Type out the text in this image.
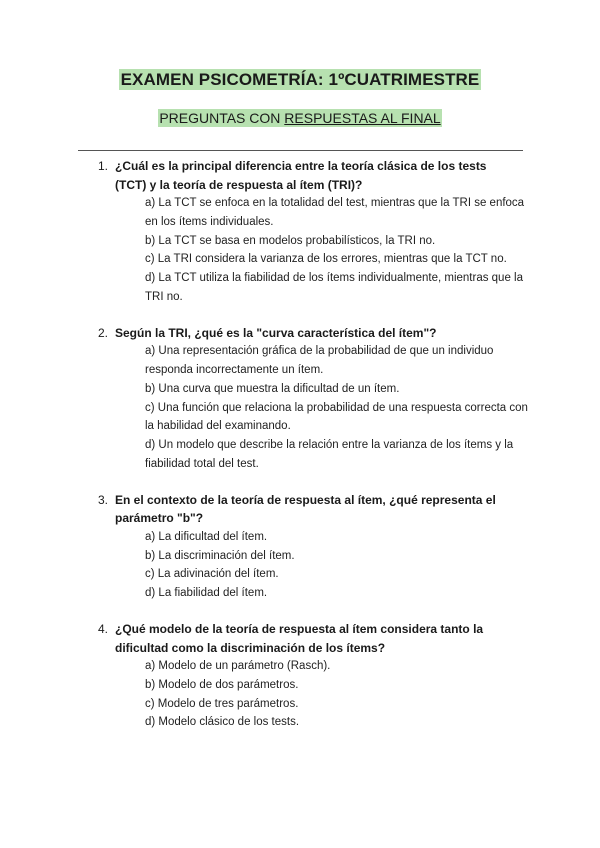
EXAMEN PSICOMETRÍA: 1ºCUATRIMESTRE
PREGUNTAS CON RESPUESTAS AL FINAL
1. ¿Cuál es la principal diferencia entre la teoría clásica de los tests (TCT) y la teoría de respuesta al ítem (TRI)?
a) La TCT se enfoca en la totalidad del test, mientras que la TRI se enfoca en los ítems individuales.
b) La TCT se basa en modelos probabilísticos, la TRI no.
c) La TRI considera la varianza de los errores, mientras que la TCT no.
d) La TCT utiliza la fiabilidad de los ítems individualmente, mientras que la TRI no.
2. Según la TRI, ¿qué es la "curva característica del ítem"?
a) Una representación gráfica de la probabilidad de que un individuo responda incorrectamente un ítem.
b) Una curva que muestra la dificultad de un ítem.
c) Una función que relaciona la probabilidad de una respuesta correcta con la habilidad del examinando.
d) Un modelo que describe la relación entre la varianza de los ítems y la fiabilidad total del test.
3. En el contexto de la teoría de respuesta al ítem, ¿qué representa el parámetro "b"?
a) La dificultad del ítem.
b) La discriminación del ítem.
c) La adivinación del ítem.
d) La fiabilidad del ítem.
4. ¿Qué modelo de la teoría de respuesta al ítem considera tanto la dificultad como la discriminación de los ítems?
a) Modelo de un parámetro (Rasch).
b) Modelo de dos parámetros.
c) Modelo de tres parámetros.
d) Modelo clásico de los tests.
